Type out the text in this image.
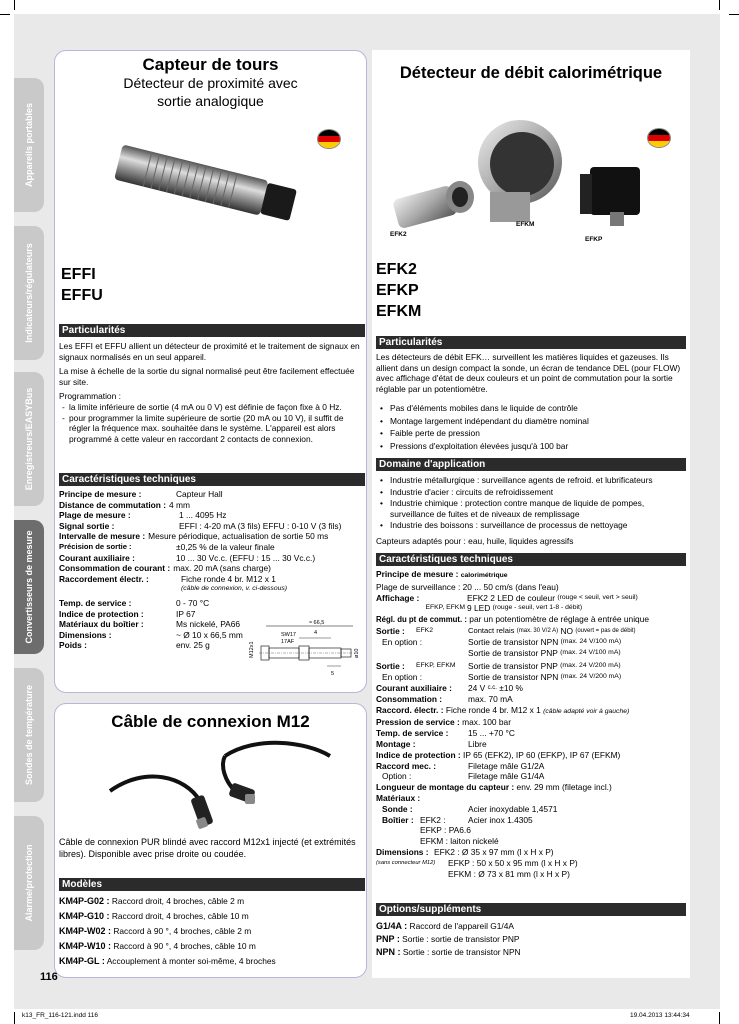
Appareils portables
Indicateurs/régulateurs
Enregistreurs/EASYBus
Convertisseurs de mesure
Sondes de température
Alarme/protection
Capteur de tours
Détecteur de proximité avec sortie analogique
EFFI
EFFU
Particularités

Les EFFI et EFFU allient un détecteur de proximité et le traitement de signaux en signaux normalisés en un seul appareil.

La mise à échelle de la sortie du signal normalisé peut être facilement effectuée sur site.

Programmation :

- la limite inférieure de sortie (4 mA ou 0 V) est définie de façon fixe à 0 Hz.
- pour programmer la limite supérieure de sortie (20 mA ou 10 V), il suffit de régler la fréquence max. souhaitée dans le système. L'appareil est alors programmé à cette valeur en raccordant 2 contacts de connexion.
Caractéristiques techniques
Principe de mesure :	Capteur Hall
Distance de commutation : 4 mm
Plage de mesure :	1 ... 4095 Hz
Signal sortie :	EFFI : 4-20 mA (3 fils) EFFU : 0-10 V (3 fils)
Intervalle de mesure : Mesure périodique, actualisation de sortie 50 ms
Précision de sortie :	±0,25 % de la valeur finale
Courant auxiliaire :	10 ... 30 Vc.c. (EFFU : 15 ... 30 Vc.c.)
Consommation de courant : max. 20 mA (sans charge)
Raccordement électr. :	Fiche ronde 4 br. M12 x 1
(câble de connexion, v. ci-dessous)
Temp. de service :	0 - 70 °C
Indice de protection :	IP 67
Matériaux du boîtier :	Ms nickelé, PA66
Dimensions :	~ Ø 10 x 66,5 mm
Poids :	env. 25 g
≈ 66,5
SW17
17AF
4
5
M12x1	ø10
Câble de connexion M12
Câble de connexion PUR blindé avec raccord M12x1 injecté (et extrémités libres). Disponible avec prise droite ou coudée.
Modèles
KM4P-G02 : Raccord droit, 4 broches, câble 2 m
KM4P-G10 : Raccord droit, 4 broches, câble 10 m
KM4P-W02 : Raccord à 90 °, 4 broches, câble 2 m
KM4P-W10 : Raccord à 90 °, 4 broches, câble 10 m
KM4P-GL : Accouplement à monter soi-même, 4 broches
Détecteur de débit calorimétrique
EFK2
EFKM
EFKP
EFK2
EFKP
EFKM
Particularités
Les détecteurs de débit EFK… surveillent les matières liquides et gazeuses. Ils allient dans un design compact la sonde, un écran de tendance DEL (pour FLOW) avec affichage d'état de deux couleurs et un point de commutation pour la sortie réglable par un potentiomètre.
• Pas d'éléments mobiles dans le liquide de contrôle
• Montage largement indépendant du diamètre nominal
• Faible perte de pression
• Pressions d'exploitation élevées jusqu'à 100 bar
Domaine d'application
• Industrie métallurgique : surveillance agents de refroid. et lubrificateurs
• Industrie d'acier : circuits de refroidissement
• Industrie chimique : protection contre manque de liquide de pompes, surveillance de fuites et de niveaux de remplissage
• Industrie des boissons : surveillance de processus de nettoyage
Capteurs adaptés pour : eau, huile, liquides agressifs
Caractéristiques techniques
Principe de mesure : calorimétrique
Plage de surveillance : 20 ... 50 cm/s (dans l'eau)
Affichage :	EFK2 2 LED de couleur
(rouge < seuil, vert > seuil)
EFKP, EFKM 9 LED
(rouge - seuil, vert 1-8 - débit)
Régl. du pt de commut. : par un potentiomètre de réglage à entrée unique
Sortie :	EFK2	Contact relais
(max. 30 V/2 A)
NO
(ouvert = pas de débit)
En option :	Sortie de transistor NPN
(max. 24 V/100 mA)
Sortie de transistor PNP
(max. 24 V/100 mA)
Sortie :	EFKP, EFKM	Sortie de transistor PNP
(max. 24 V/200 mA)
En option :	Sortie de transistor NPN
(max. 24 V/200 mA)
Courant auxiliaire :	24 V
c.c.
±10 %
Consommation :	max. 70 mA
Raccord. électr. : Fiche ronde 4 br. M12 x 1 (câble adapté voir à gauche)
Pression de service : max. 100 bar
Temp. de service :	15 ... +70 °C
Montage :	Libre
Indice de protection : IP 65 (EFK2), IP 60 (EFKP), IP 67 (EFKM)
Raccord mec. :	Filetage mâle G1/2A
Option :	Filetage mâle G1/4A
Longueur de montage du capteur : env. 29 mm (filetage incl.)
Matériaux :
Sonde :	Acier inoxydable 1,4571
Boîtier : EFK2 :	Acier inox 1.4305
EFKP : PA6.6
EFKM : laiton nickelé
Dimensions : EFK2 : Ø 35 x 97 mm (l x H x P)
(sans connecteur M12)	EFKP : 50 x 50 x 95 mm (l x H x P)
EFKM : Ø 73 x 81 mm (l x H x P)
Options/suppléments
G1/4A : Raccord de l'appareil G1/4A
PNP : Sortie : sortie de transistor PNP
NPN : Sortie : sortie de transistor NPN
116
k13_FR_116-121.indd 116	19.04.2013 13:44:34
